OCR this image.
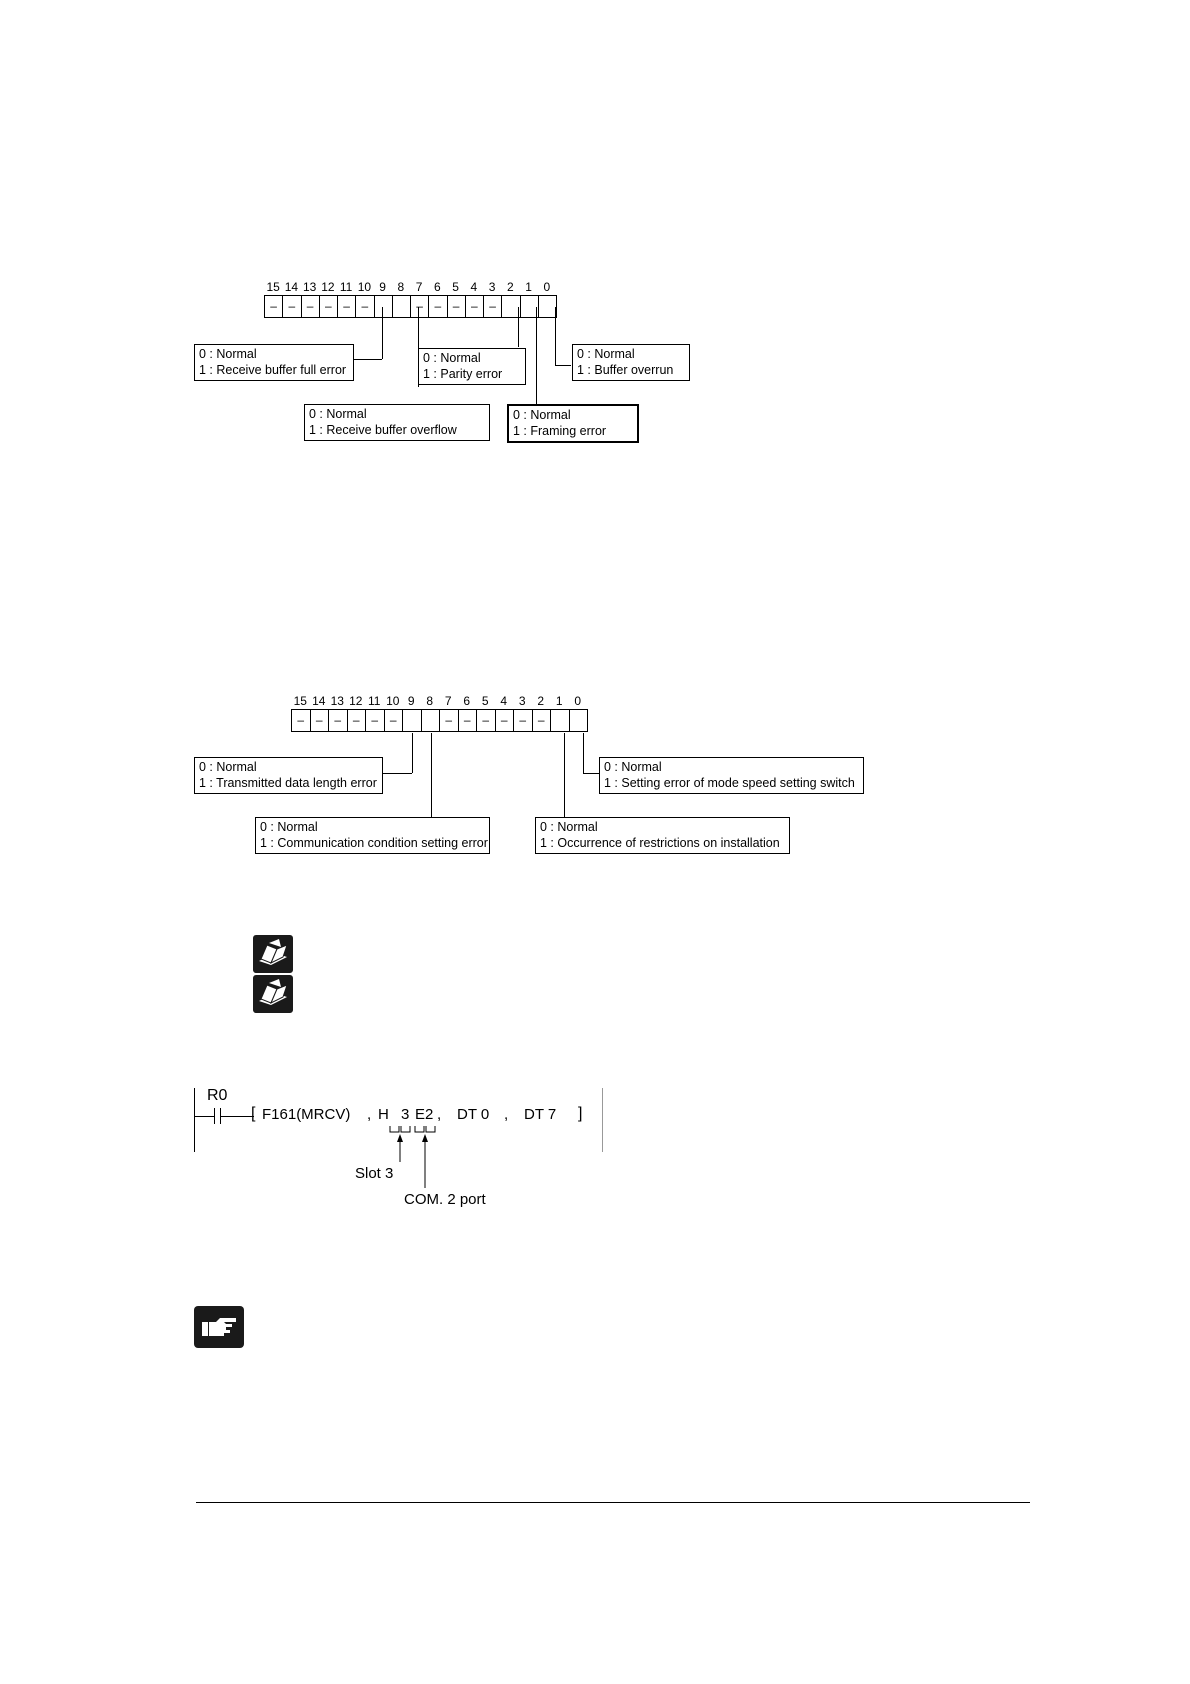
15 14 13 12 11 10 9 8 7 6 5 4 3 2 1 0
– – – – – –	– – – – –
0 : Normal
1 : Receive buffer full error
0 : Normal
1 : Parity error
0 : Normal
1 : Buffer overrun
0 : Normal
1 : Receive buffer overflow
0 : Normal
1 : Framing error
15 14 13 12 11 10 9 8 7 6 5 4 3 2 1 0
– – – – – –	– – – – – –
0 : Normal
1 : Transmitted data length error
0 : Normal
1 : Setting error of mode speed setting switch
0 : Normal
1 : Communication condition setting error
0 : Normal
1 : Occurrence of restrictions on installation
R0
[ F161(MRCV) , H 3 E2 , DT 0 , DT 7 ]
Slot 3
COM. 2 port
